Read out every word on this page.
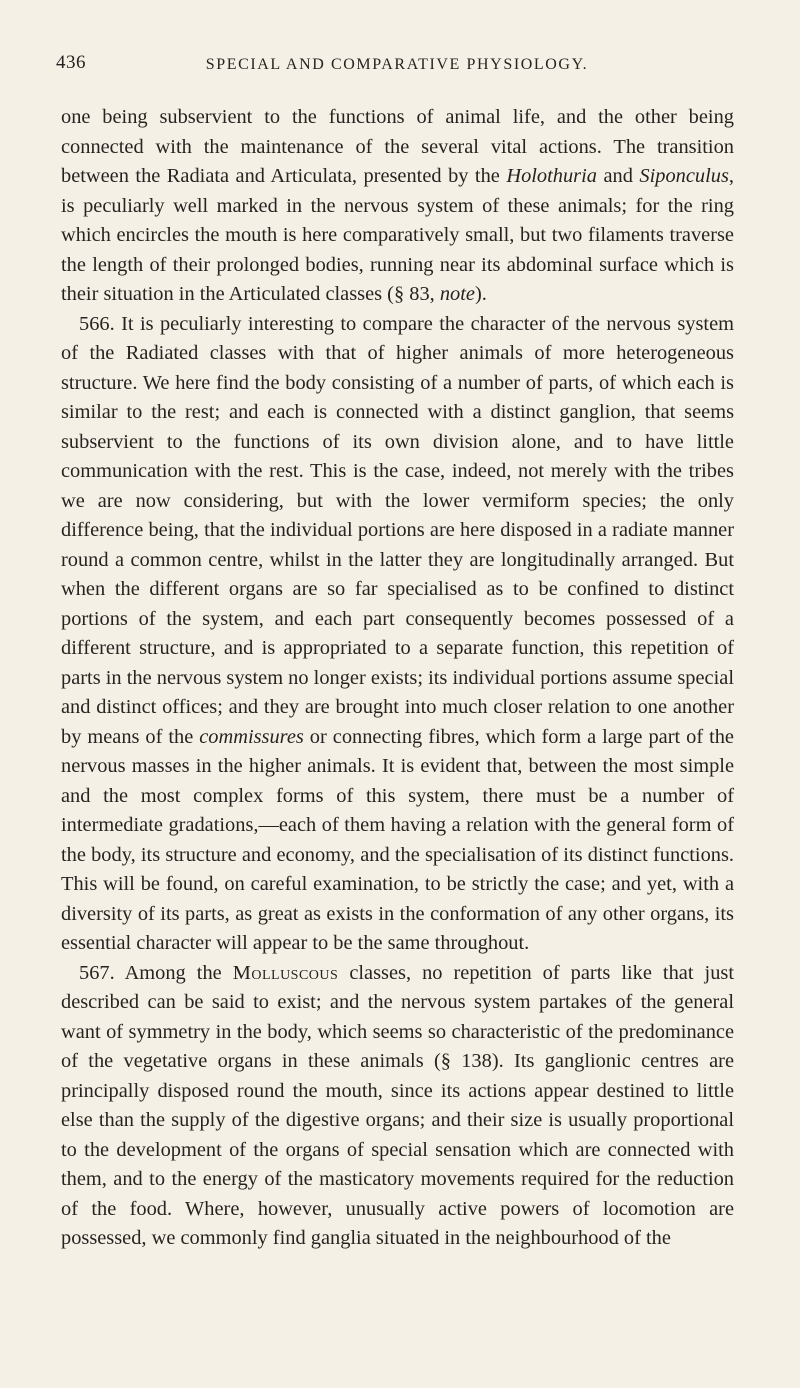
436	SPECIAL AND COMPARATIVE PHYSIOLOGY.

one being subservient to the functions of animal life, and the other being connected with the maintenance of the several vital actions. The transition between the Radiata and Articulata, presented by the Holothuria and Siponculus, is peculiarly well marked in the nervous system of these animals; for the ring which encircles the mouth is here comparatively small, but two filaments traverse the length of their prolonged bodies, running near its abdominal surface which is their situation in the Articulated classes (§ 83, note).

566. It is peculiarly interesting to compare the character of the nervous system of the Radiated classes with that of higher animals of more heterogeneous structure. We here find the body consisting of a number of parts, of which each is similar to the rest; and each is connected with a distinct ganglion, that seems subservient to the functions of its own division alone, and to have little communication with the rest. This is the case, indeed, not merely with the tribes we are now considering, but with the lower vermiform species; the only difference being, that the individual portions are here disposed in a radiate manner round a common centre, whilst in the latter they are longitudinally arranged. But when the different organs are so far specialised as to be confined to distinct portions of the system, and each part consequently becomes possessed of a different structure, and is appropriated to a separate function, this repetition of parts in the nervous system no longer exists; its individual portions assume special and distinct offices; and they are brought into much closer relation to one another by means of the commissures or connecting fibres, which form a large part of the nervous masses in the higher animals. It is evident that, between the most simple and the most complex forms of this system, there must be a number of intermediate gradations,—each of them having a relation with the general form of the body, its structure and economy, and the specialisation of its distinct functions. This will be found, on careful examination, to be strictly the case; and yet, with a diversity of its parts, as great as exists in the conformation of any other organs, its essential character will appear to be the same throughout.

567. Among the Molluscous classes, no repetition of parts like that just described can be said to exist; and the nervous system partakes of the general want of symmetry in the body, which seems so characteristic of the predominance of the vegetative organs in these animals (§ 138). Its ganglionic centres are principally disposed round the mouth, since its actions appear destined to little else than the supply of the digestive organs; and their size is usually proportional to the development of the organs of special sensation which are connected with them, and to the energy of the masticatory movements required for the reduction of the food. Where, however, unusually active powers of locomotion are possessed, we commonly find ganglia situated in the neighbourhood of the
